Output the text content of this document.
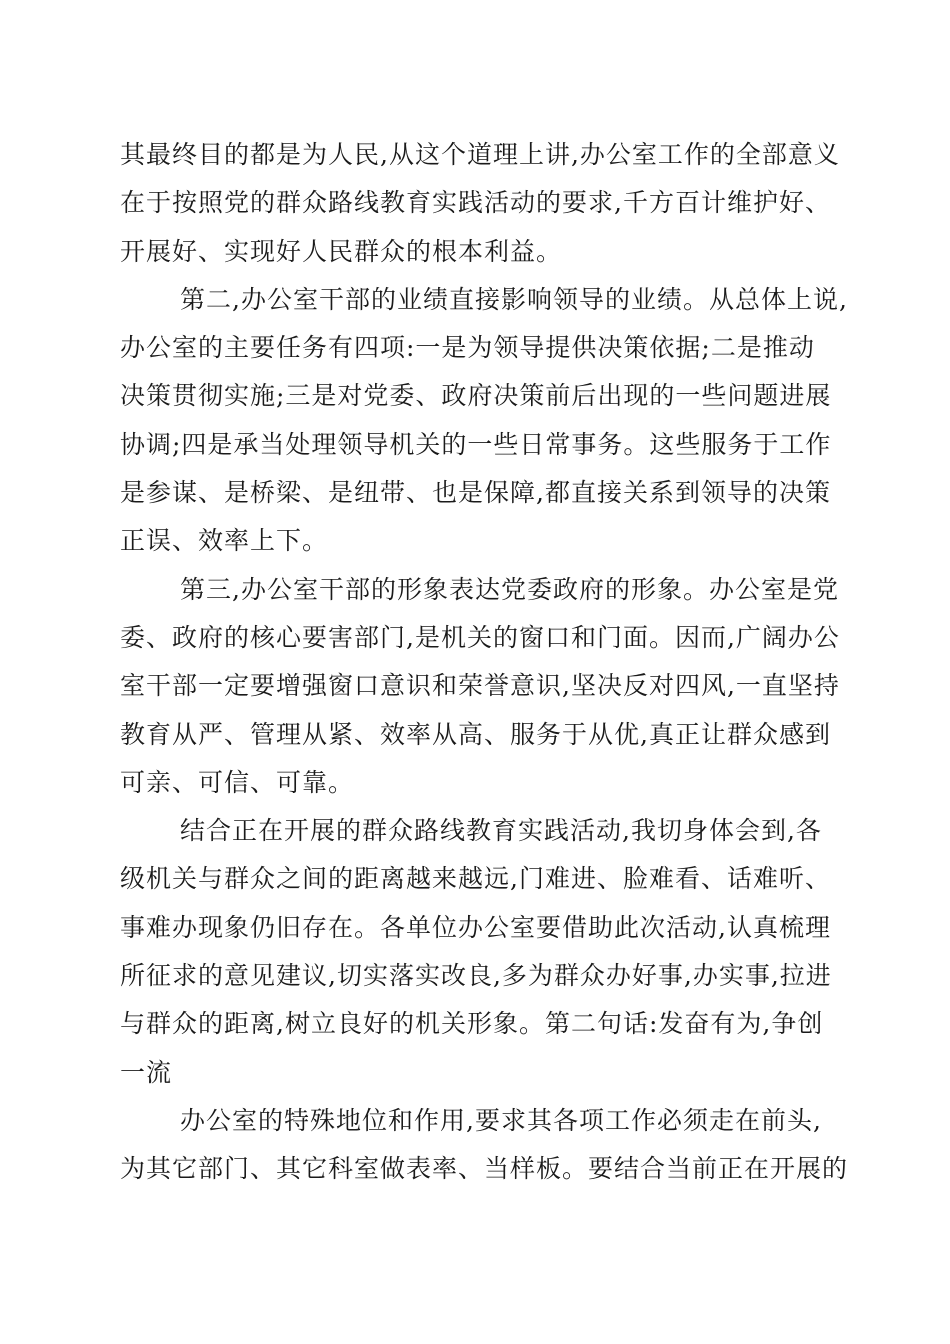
其最终目的都是为人民,从这个道理上讲,办公室工作的全部意义
在于按照党的群众路线教育实践活动的要求,千方百计维护好、
开展好、实现好人民群众的根本利益。
第二,办公室干部的业绩直接影响领导的业绩。从总体上说,
办公室的主要任务有四项:一是为领导提供决策依据;二是推动
决策贯彻实施;三是对党委、政府决策前后出现的一些问题进展
协调;四是承当处理领导机关的一些日常事务。这些服务于工作
是参谋、是桥梁、是纽带、也是保障,都直接关系到领导的决策
正误、效率上下。
第三,办公室干部的形象表达党委政府的形象。办公室是党
委、政府的核心要害部门,是机关的窗口和门面。因而,广阔办公
室干部一定要增强窗口意识和荣誉意识,坚决反对四风,一直坚持
教育从严、管理从紧、效率从高、服务于从优,真正让群众感到
可亲、可信、可靠。
结合正在开展的群众路线教育实践活动,我切身体会到,各
级机关与群众之间的距离越来越远,门难进、脸难看、话难听、
事难办现象仍旧存在。各单位办公室要借助此次活动,认真梳理
所征求的意见建议,切实落实改良,多为群众办好事,办实事,拉进
与群众的距离,树立良好的机关形象。第二句话:发奋有为,争创
一流
办公室的特殊地位和作用,要求其各项工作必须走在前头,
为其它部门、其它科室做表率、当样板。要结合当前正在开展的
